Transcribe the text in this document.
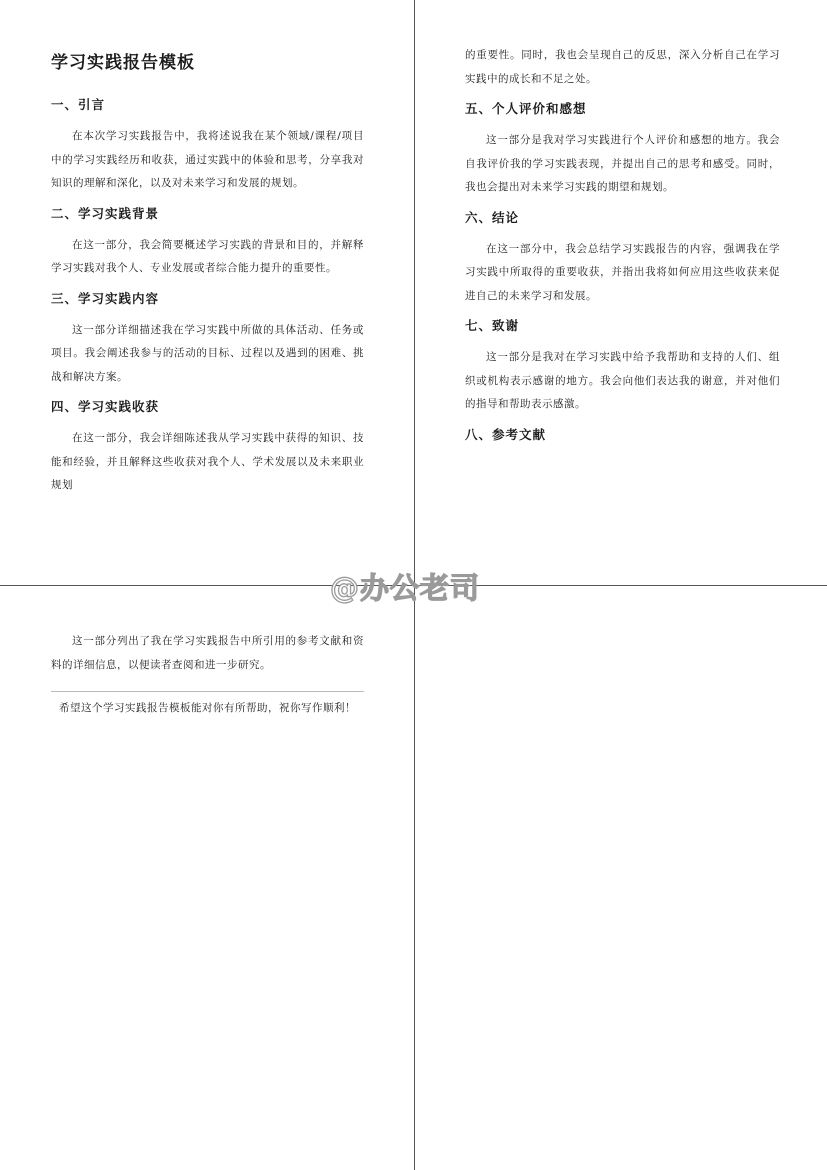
学习实践报告模板
一、引言

在本次学习实践报告中，我将述说我在某个领域/课程/项目中的学习实践经历和收获，通过实践中的体验和思考，分享我对知识的理解和深化，以及对未来学习和发展的规划。

二、学习实践背景

在这一部分，我会简要概述学习实践的背景和目的，并解释学习实践对我个人、专业发展或者综合能力提升的重要性。

三、学习实践内容

这一部分详细描述我在学习实践中所做的具体活动、任务或项目。我会阐述我参与的活动的目标、过程以及遇到的困难、挑战和解决方案。

四、学习实践收获

在这一部分，我会详细陈述我从学习实践中获得的知识、技能和经验，并且解释这些收获对我个人、学术发展以及未来职业规划

的重要性。同时，我也会呈现自己的反思，深入分析自己在学习实践中的成长和不足之处。

五、个人评价和感想

这一部分是我对学习实践进行个人评价和感想的地方。我会自我评价我的学习实践表现，并提出自己的思考和感受。同时，我也会提出对未来学习实践的期望和规划。

六、结论

在这一部分中，我会总结学习实践报告的内容，强调我在学习实践中所取得的重要收获，并指出我将如何应用这些收获来促进自己的未来学习和发展。

七、致谢

这一部分是我对在学习实践中给予我帮助和支持的人们、组织或机构表示感谢的地方。我会向他们表达我的谢意，并对他们的指导和帮助表示感激。

八、参考文献

这一部分列出了我在学习实践报告中所引用的参考文献和资料的详细信息，以便读者查阅和进一步研究。

希望这个学习实践报告模板能对你有所帮助，祝你写作顺利！

@办公老司
